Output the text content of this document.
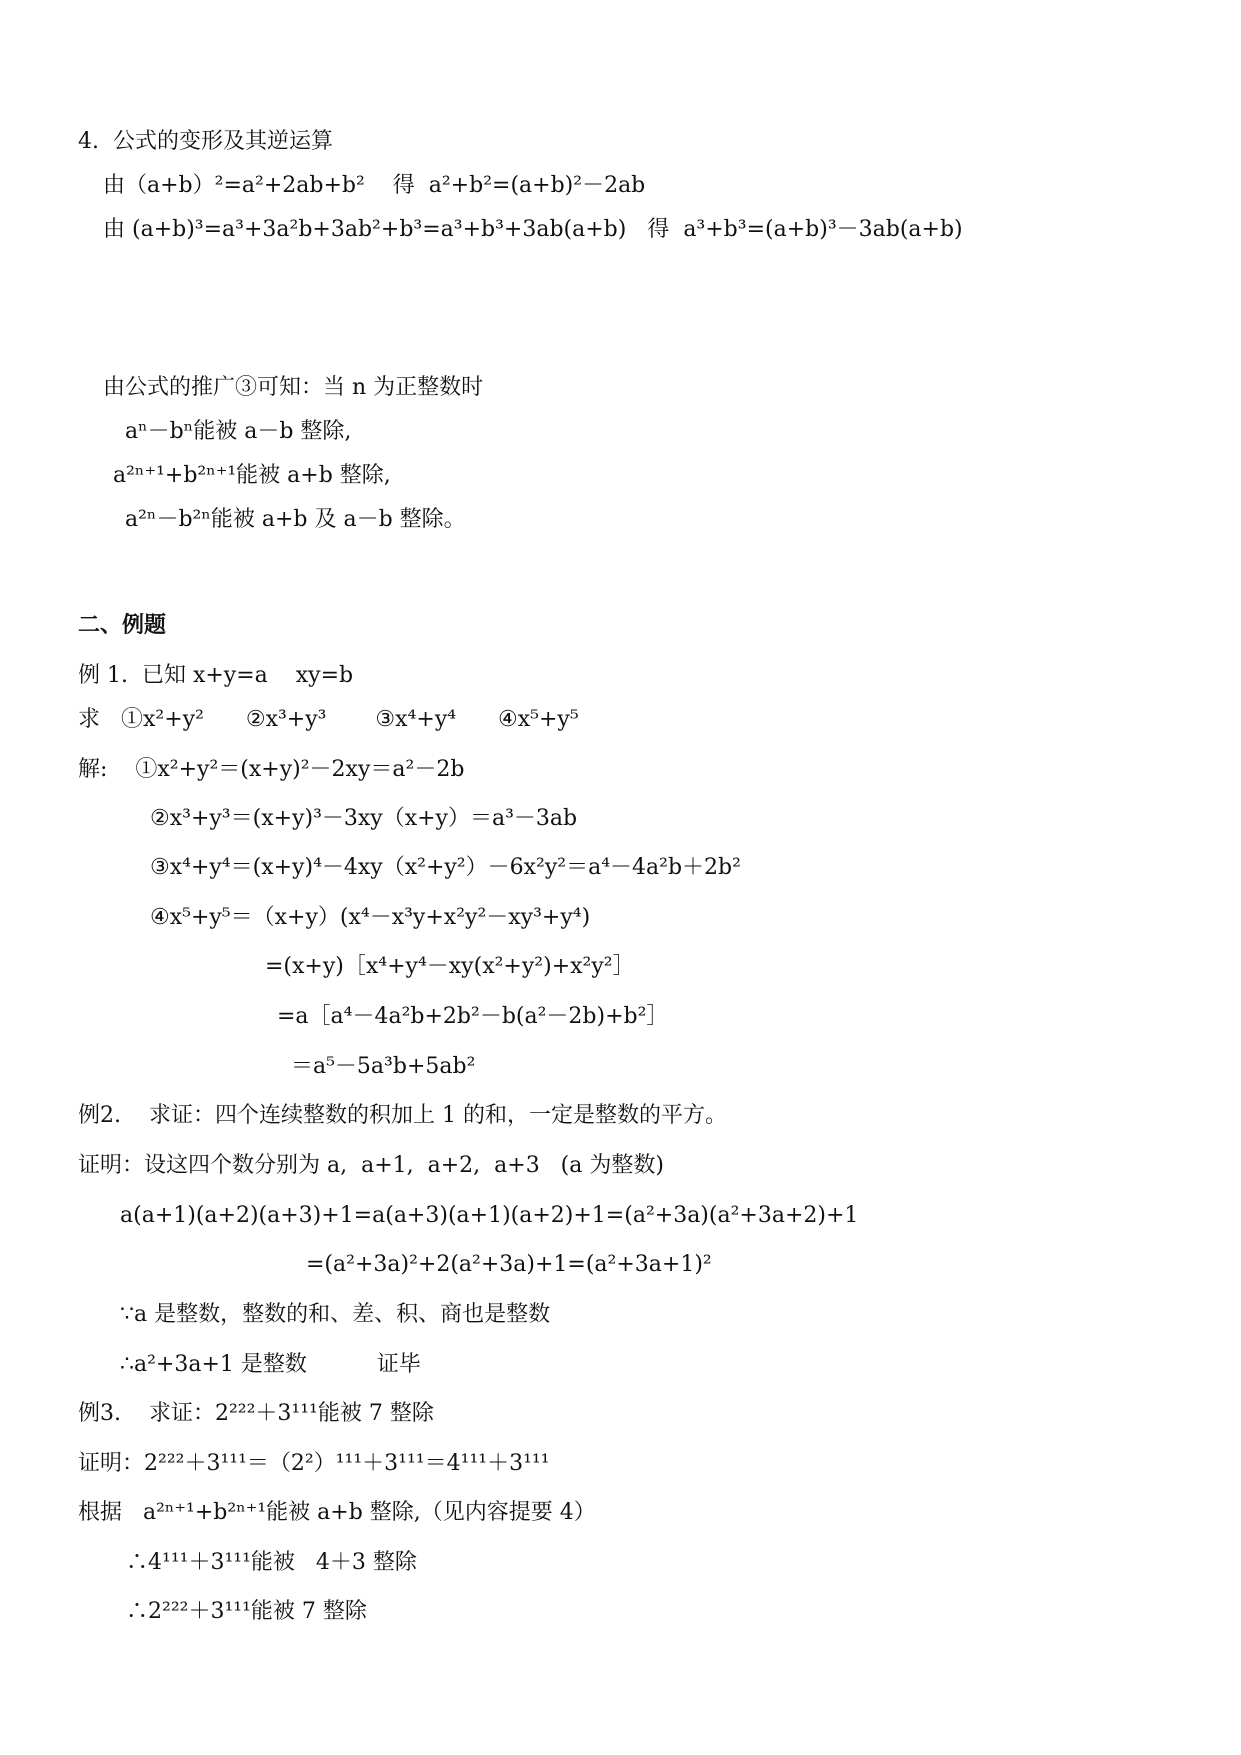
4.  公式的变形及其逆运算
由（a+b）²=a²+2ab+b²    得  a²+b²=(a+b)²－2ab
由 (a+b)³=a³+3a²b+3ab²+b³=a³+b³+3ab(a+b)   得  a³+b³=(a+b)³－3ab(a+b)
由公式的推广③可知：当 n 为正整数时
aⁿ－bⁿ能被 a－b 整除,
a²ⁿ⁺¹+b²ⁿ⁺¹能被 a+b 整除,
a²ⁿ－b²ⁿ能被 a+b 及 a－b 整除。
二、例题
例 1.  已知 x+y=a    xy=b
求   ①x²+y²      ②x³+y³       ③x⁴+y⁴      ④x⁵+y⁵
解:    ①x²+y²＝(x+y)²－2xy＝a²－2b
②x³+y³＝(x+y)³－3xy（x+y）＝a³－3ab
③x⁴+y⁴＝(x+y)⁴－4xy（x²+y²）－6x²y²＝a⁴－4a²b＋2b²
④x⁵+y⁵＝（x+y）(x⁴－x³y+x²y²－xy³+y⁴)
=(x+y)［x⁴+y⁴－xy(x²+y²)+x²y²］
=a［a⁴－4a²b+2b²－b(a²－2b)+b²］
＝a⁵－5a³b+5ab²
例2.    求证：四个连续整数的积加上 1 的和，一定是整数的平方。
证明：设这四个数分别为 a,  a+1,  a+2,  a+3   (a 为整数)
a(a+1)(a+2)(a+3)+1=a(a+3)(a+1)(a+2)+1=(a²+3a)(a²+3a+2)+1
=(a²+3a)²+2(a²+3a)+1=(a²+3a+1)²
∵a 是整数，整数的和、差、积、商也是整数
∴a²+3a+1 是整数          证毕
例3.    求证：2²²²＋3¹¹¹能被 7 整除
证明：2²²²＋3¹¹¹＝（2²）¹¹¹＋3¹¹¹＝4¹¹¹＋3¹¹¹
根据   a²ⁿ⁺¹+b²ⁿ⁺¹能被 a+b 整除,（见内容提要 4）
∴4¹¹¹＋3¹¹¹能被   4＋3 整除
∴2²²²＋3¹¹¹能被 7 整除
